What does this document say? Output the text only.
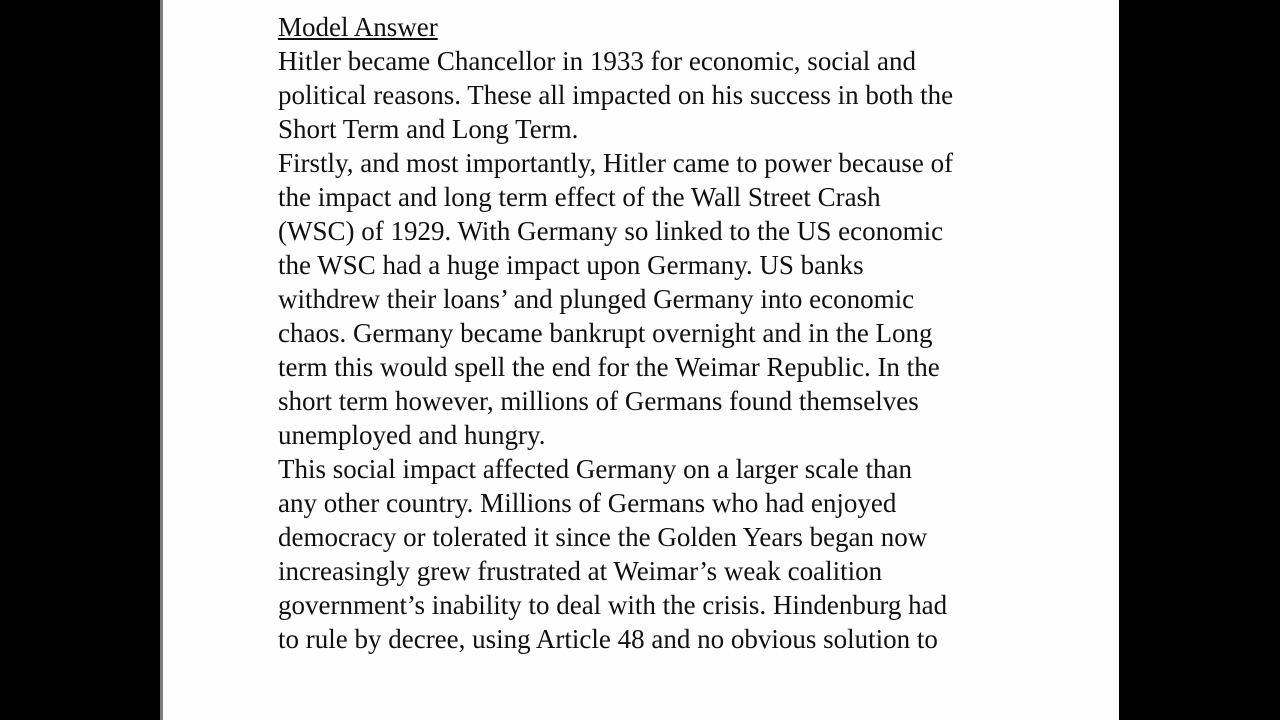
Model Answer
Hitler became Chancellor in 1933 for economic, social and
political reasons. These all impacted on his success in both the
Short Term and Long Term.
Firstly, and most importantly, Hitler came to power because of
the impact and long term effect of the Wall Street Crash
(WSC) of 1929. With Germany so linked to the US economic
the WSC had a huge impact upon Germany. US banks
withdrew their loans’ and plunged Germany into economic
chaos. Germany became bankrupt overnight and in the Long
term this would spell the end for the Weimar Republic. In the
short term however, millions of Germans found themselves
unemployed and hungry.
This social impact affected Germany on a larger scale than
any other country. Millions of Germans who had enjoyed
democracy or tolerated it since the Golden Years began now
increasingly grew frustrated at Weimar’s weak coalition
government’s inability to deal with the crisis. Hindenburg had
to rule by decree, using Article 48 and no obvious solution to
